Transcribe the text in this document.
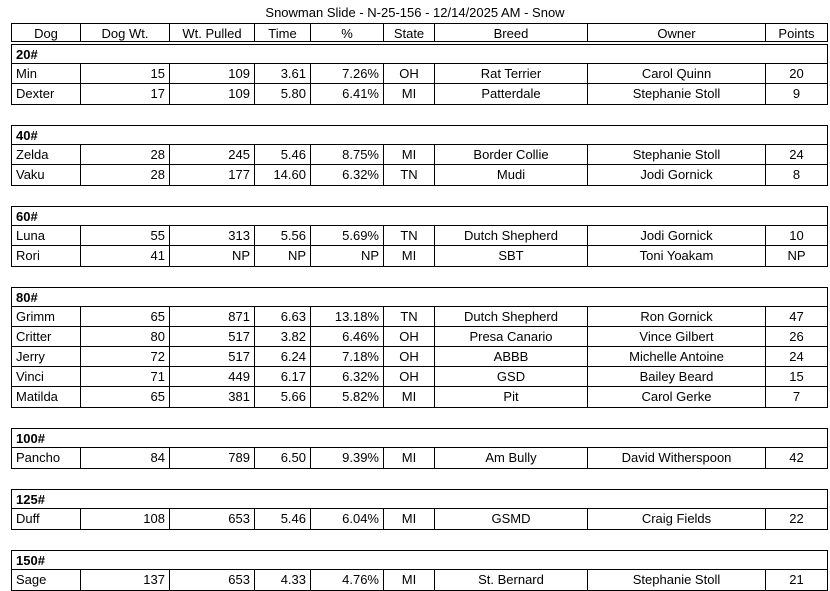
Snowman Slide - N-25-156 - 12/14/2025 AM - Snow
Dog	Dog Wt.	Wt. Pulled	Time	%	State	Breed	Owner	Points
20#
Min	15	109	3.61	7.26%	OH	Rat Terrier	Carol Quinn	20
Dexter	17	109	5.80	6.41%	MI	Patterdale	Stephanie Stoll	9
40#
Zelda	28	245	5.46	8.75%	MI	Border Collie	Stephanie Stoll	24
Vaku	28	177	14.60	6.32%	TN	Mudi	Jodi Gornick	8
60#
Luna	55	313	5.56	5.69%	TN	Dutch Shepherd	Jodi Gornick	10
Rori	41	NP	NP	NP	MI	SBT	Toni Yoakam	NP
80#
Grimm	65	871	6.63	13.18%	TN	Dutch Shepherd	Ron Gornick	47
Critter	80	517	3.82	6.46%	OH	Presa Canario	Vince Gilbert	26
Jerry	72	517	6.24	7.18%	OH	ABBB	Michelle Antoine	24
Vinci	71	449	6.17	6.32%	OH	GSD	Bailey Beard	15
Matilda	65	381	5.66	5.82%	MI	Pit	Carol Gerke	7
100#
Pancho	84	789	6.50	9.39%	MI	Am Bully	David Witherspoon	42
125#
Duff	108	653	5.46	6.04%	MI	GSMD	Craig Fields	22
150#
Sage	137	653	4.33	4.76%	MI	St. Bernard	Stephanie Stoll	21
